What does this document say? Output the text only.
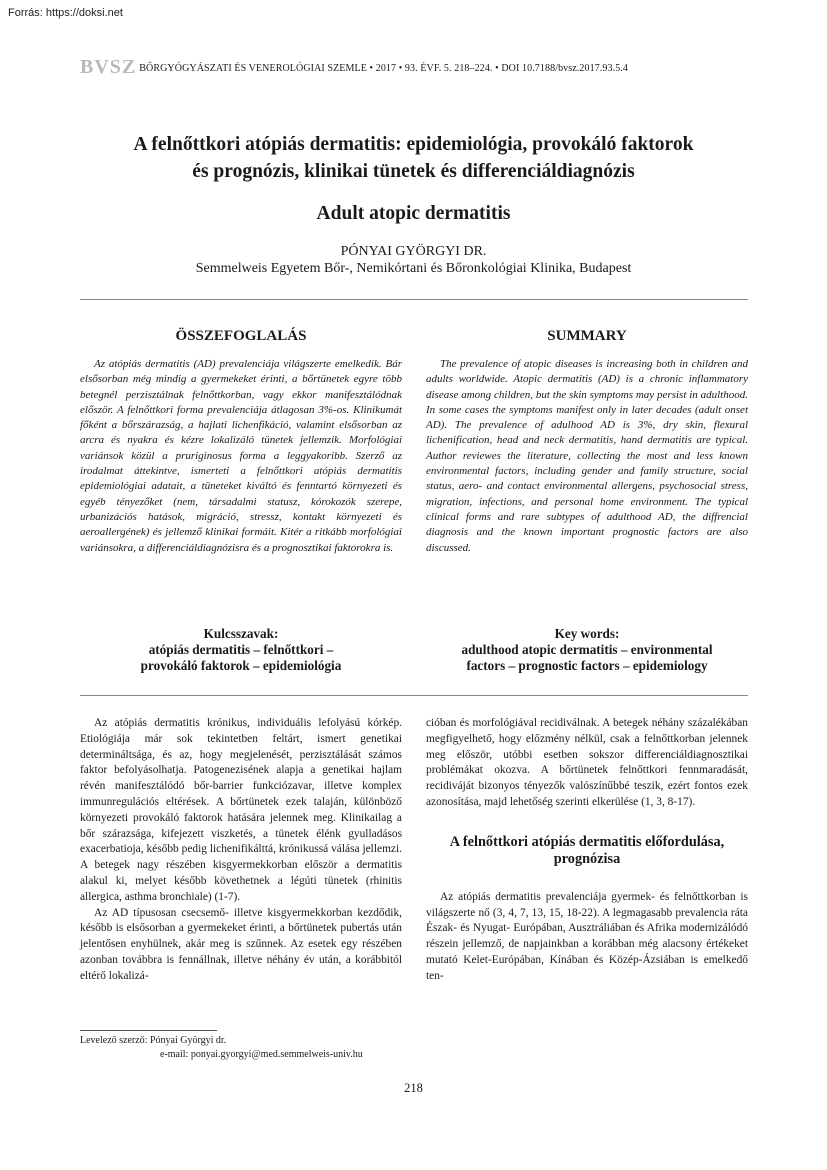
Forrás: https://doksi.net
BVSZ BŐRGYÓGYÁSZATI ÉS VENEROLÓGIAI SZEMLE • 2017 • 93. ÉVF. 5. 218–224. • DOI 10.7188/bvsz.2017.93.5.4
A felnőttkori atópiás dermatitis: epidemiológia, provokáló faktorok
és prognózis, klinikai tünetek és differenciáldiagnózis
Adult atopic dermatitis
PÓNYAI GYÖRGYI DR.
Semmelweis Egyetem Bőr-, Nemikórtani és Bőronkológiai Klinika, Budapest
ÖSSZEFOGLALÁS	SUMMARY

Az atópiás dermatitis (AD) prevalenciája világszerte emelkedik. Bár elsősorban még mindig a gyermekeket érinti, a bőrtünetek egyre több betegnél perzisztálnak felnőttkorban, vagy ekkor manifesztálódnak először. A felnőttkori forma prevalenciája átlagosan 3%-os. Klinikumát főként a bőrszárazság, a hajlati lichenfikáció, valamint elsősorban az arcra és nyakra és kézre lokalizáló tünetek jellemzik. Morfológiai variánsok közül a pruriginosus forma a leggyakoribb. Szerző az irodalmat áttekintve, ismerteti a felnőttkori atópiás dermatitis epidemiológiai adatait, a tüneteket kiváltó és fenntartó környezeti és egyéb tényezőket (nem, társadalmi statusz, kórokozók szerepe, urbanizációs hatások, migráció, stressz, kontakt környezeti és aeroallergének) és jellemző klinikai formáit. Kitér a ritkább morfológiai variánsokra, a differenciáldiagnózisra és a prognosztikai faktorokra is.

The prevalence of atopic diseases is increasing both in children and adults worldwide. Atopic dermatitis (AD) is a chronic inflammatory disease among children, but the skin symptoms may persist in adulthood. In some cases the symptoms manifest only in later decades (adult onset AD). The prevalence of adulhood AD is 3%, dry skin, flexural lichenification, head and neck dermatitis, hand dermatitis are typical. Author reviewes the literature, collecting the most and less known environmental factors, including gender and family structure, social status, aero- and contact environmental allergens, psychosocial stress, migration, infections, and personal home environment. The typical clinical forms and rare subtypes of adulthood AD, the diffrencial diagnosis and the known important prognostic factors are also discussed.

Kulcsszavak:
atópiás dermatitis – felnőttkori –
provokáló faktorok – epidemiológia
Key words:
adulthood atopic dermatitis – environmental
factors – prognostic factors – epidemiology

Az atópiás dermatitis krónikus, individuális lefolyású kórkép. Etiológiája már sok tekintetben feltárt, ismert genetikai determináltsága, és az, hogy megjelenését, perzisztálását számos faktor befolyásolhatja. Patogenezisének alapja a genetikai hajlam révén manifesztálódó bőr-barrier funkciózavar, illetve komplex immunregulációs eltérések. A bőrtünetek ezek talaján, különböző környezeti provokáló faktorok hatására jelennek meg. Klinikailag a bőr szárazsága, kifejezett viszketés, a tünetek élénk gyulladásos exacerbatioja, később pedig lichenifikálttá, krónikussá válása jellemzi. A betegek nagy részében kisgyermekkorban először a dermatitis alakul ki, melyet később követhetnek a légúti tünetek (rhinitis allergica, asthma bronchiale) (1-7).

Az AD típusosan csecsemő- illetve kisgyermekkorban kezdődik, később is elsősorban a gyermekeket érinti, a bőrtünetek pubertás után jelentősen enyhülnek, akár meg is szűnnek. Az esetek egy részében azonban továbbra is fennállnak, illetve néhány év után, a korábbitól eltérő lokalizá-

cióban és morfológiával recidiválnak. A betegek néhány százalékában megfigyelhető, hogy előzmény nélkül, csak a felnőttkorban jelennek meg először, utóbbi esetben sokszor differenciáldiagnosztikai problémákat okozva. A bőrtünetek felnőttkori fennmaradását, recidiváját bizonyos tényezők valószínűbbé teszik, ezért fontos ezek azonosítása, majd lehetőség szerinti elkerülése (1, 3, 8-17).

A felnőttkori atópiás dermatitis előfordulása, prognózisa

Az atópiás dermatitis prevalenciája gyermek- és felnőttkorban is világszerte nő (3, 4, 7, 13, 15, 18-22). A legmagasabb prevalencia ráta Észak- és Nyugat- Európában, Ausztráliában és Afrika modernizálódó részein jellemző, de napjainkban a korábban még alacsony értékeket mutató Kelet-Európában, Kínában és Közép-Ázsiában is emelkedő ten-

Levelező szerző: Pónyai Györgyi dr.
e-mail: ponyai.gyorgyi@med.semmelweis-univ.hu
218
